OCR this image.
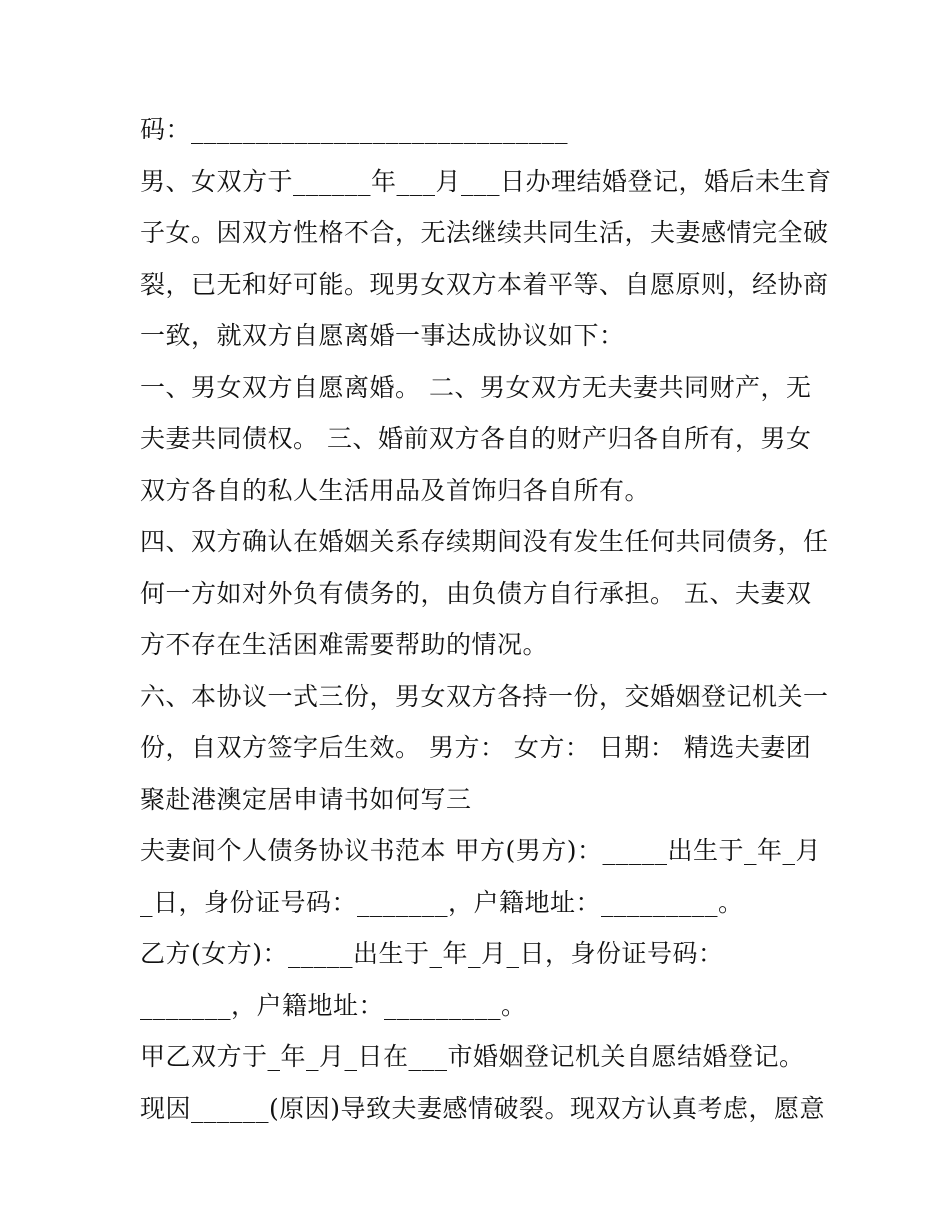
码：_____________________________
男、女双方于______年___月___日办理结婚登记，婚后未生育
子女。因双方性格不合，无法继续共同生活，夫妻感情完全破
裂，已无和好可能。现男女双方本着平等、自愿原则，经协商
一致，就双方自愿离婚一事达成协议如下：
一、男女双方自愿离婚。 二、男女双方无夫妻共同财产，无
夫妻共同债权。 三、婚前双方各自的财产归各自所有，男女
双方各自的私人生活用品及首饰归各自所有。
四、双方确认在婚姻关系存续期间没有发生任何共同债务，任
何一方如对外负有债务的，由负债方自行承担。 五、夫妻双
方不存在生活困难需要帮助的情况。
六、本协议一式三份，男女双方各持一份，交婚姻登记机关一
份，自双方签字后生效。 男方： 女方： 日期： 精选夫妻团
聚赴港澳定居申请书如何写三
夫妻间个人债务协议书范本 甲方(男方)：_____出生于_年_月
_日，身份证号码：_______，户籍地址：_________。
乙方(女方)：_____出生于_年_月_日，身份证号码：
_______，户籍地址：_________。
甲乙双方于_年_月_日在___市婚姻登记机关自愿结婚登记。
现因______(原因)导致夫妻感情破裂。现双方认真考虑，愿意
